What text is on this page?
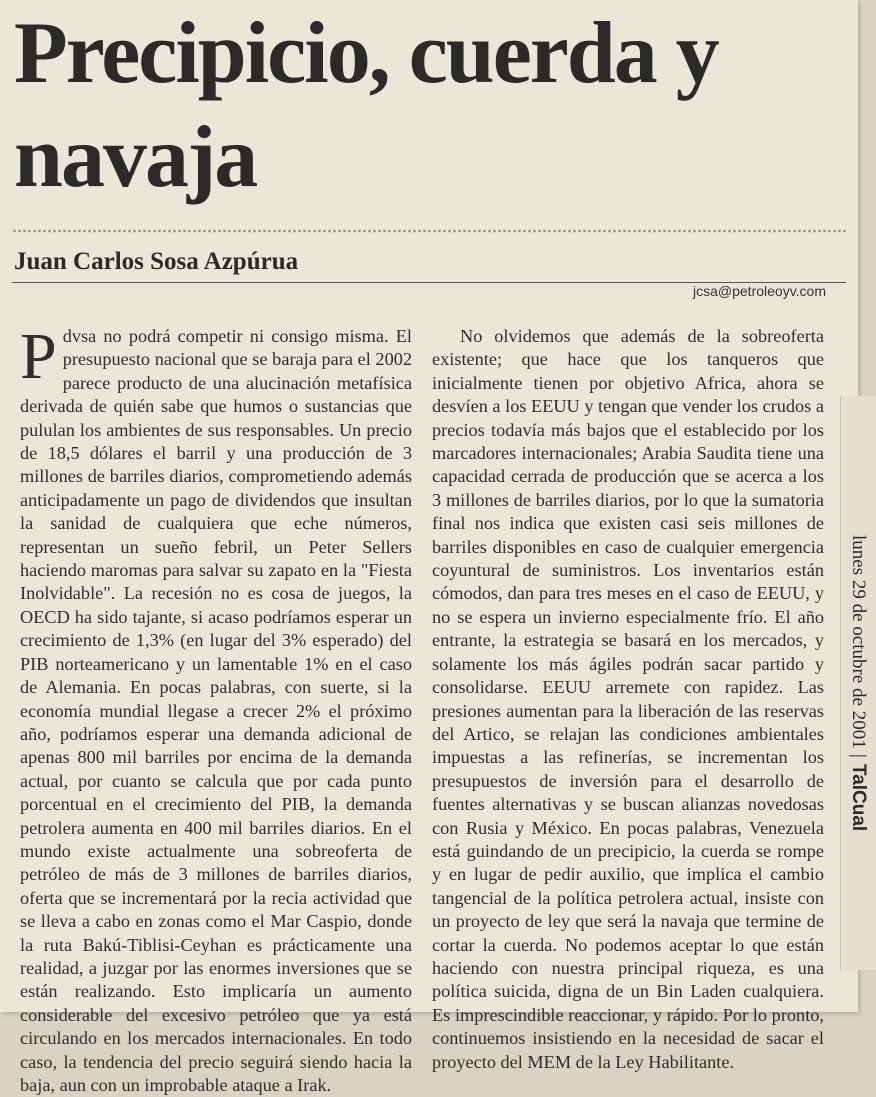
Precipicio, cuerda y navaja
Juan Carlos Sosa Azpúrua
jcsa@petroleoyv.com

Pdvsa no podrá competir ni consigo misma. El presupuesto nacional que se baraja para el 2002 parece producto de una alucinación metafísica derivada de quién sabe que humos o sustancias que pululan los ambientes de sus responsables. Un precio de 18,5 dólares el barril y una producción de 3 millones de barriles diarios, comprometiendo además anticipadamente un pago de dividendos que insultan la sanidad de cualquiera que eche números, representan un sueño febril, un Peter Sellers haciendo maromas para salvar su zapato en la "Fiesta Inolvidable". La recesión no es cosa de juegos, la OECD ha sido tajante, si acaso podríamos esperar un crecimiento de 1,3% (en lugar del 3% esperado) del PIB norteamericano y un lamentable 1% en el caso de Alemania. En pocas palabras, con suerte, si la economía mundial llegase a crecer 2% el próximo año, podríamos esperar una demanda adicional de apenas 800 mil barriles por encima de la demanda actual, por cuanto se calcula que por cada punto porcentual en el crecimiento del PIB, la demanda petrolera aumenta en 400 mil barriles diarios. En el mundo existe actualmente una sobreoferta de petróleo de más de 3 millones de barriles diarios, oferta que se incrementará por la recia actividad que se lleva a cabo en zonas como el Mar Caspio, donde la ruta Bakú-Tiblisi-Ceyhan es prácticamente una realidad, a juzgar por las enormes inversiones que se están realizando. Esto implicaría un aumento considerable del excesivo petróleo que ya está circulando en los mercados internacionales. En todo caso, la tendencia del precio seguirá siendo hacia la baja, aun con un improbable ataque a Irak.

No olvidemos que además de la sobreoferta existente; que hace que los tanqueros que inicialmente tienen por objetivo Africa, ahora se desvíen a los EEUU y tengan que vender los crudos a precios todavía más bajos que el establecido por los marcadores internacionales; Arabia Saudita tiene una capacidad cerrada de producción que se acerca a los 3 millones de barriles diarios, por lo que la sumatoria final nos indica que existen casi seis millones de barriles disponibles en caso de cualquier emergencia coyuntural de suministros. Los inventarios están cómodos, dan para tres meses en el caso de EEUU, y no se espera un invierno especialmente frío. El año entrante, la estrategia se basará en los mercados, y solamente los más ágiles podrán sacar partido y consolidarse. EEUU arremete con rapidez. Las presiones aumentan para la liberación de las reservas del Artico, se relajan las condiciones ambientales impuestas a las refinerías, se incrementan los presupuestos de inversión para el desarrollo de fuentes alternativas y se buscan alianzas novedosas con Rusia y México. En pocas palabras, Venezuela está guindando de un precipicio, la cuerda se rompe y en lugar de pedir auxilio, que implica el cambio tangencial de la política petrolera actual, insiste con un proyecto de ley que será la navaja que termine de cortar la cuerda. No podemos aceptar lo que están haciendo con nuestra principal riqueza, es una política suicida, digna de un Bin Laden cualquiera. Es imprescindible reaccionar, y rápido. Por lo pronto, continuemos insistiendo en la necesidad de sacar el proyecto del MEM de la Ley Habilitante.

lunes 29 de octubre de 2001
|
TalCual
